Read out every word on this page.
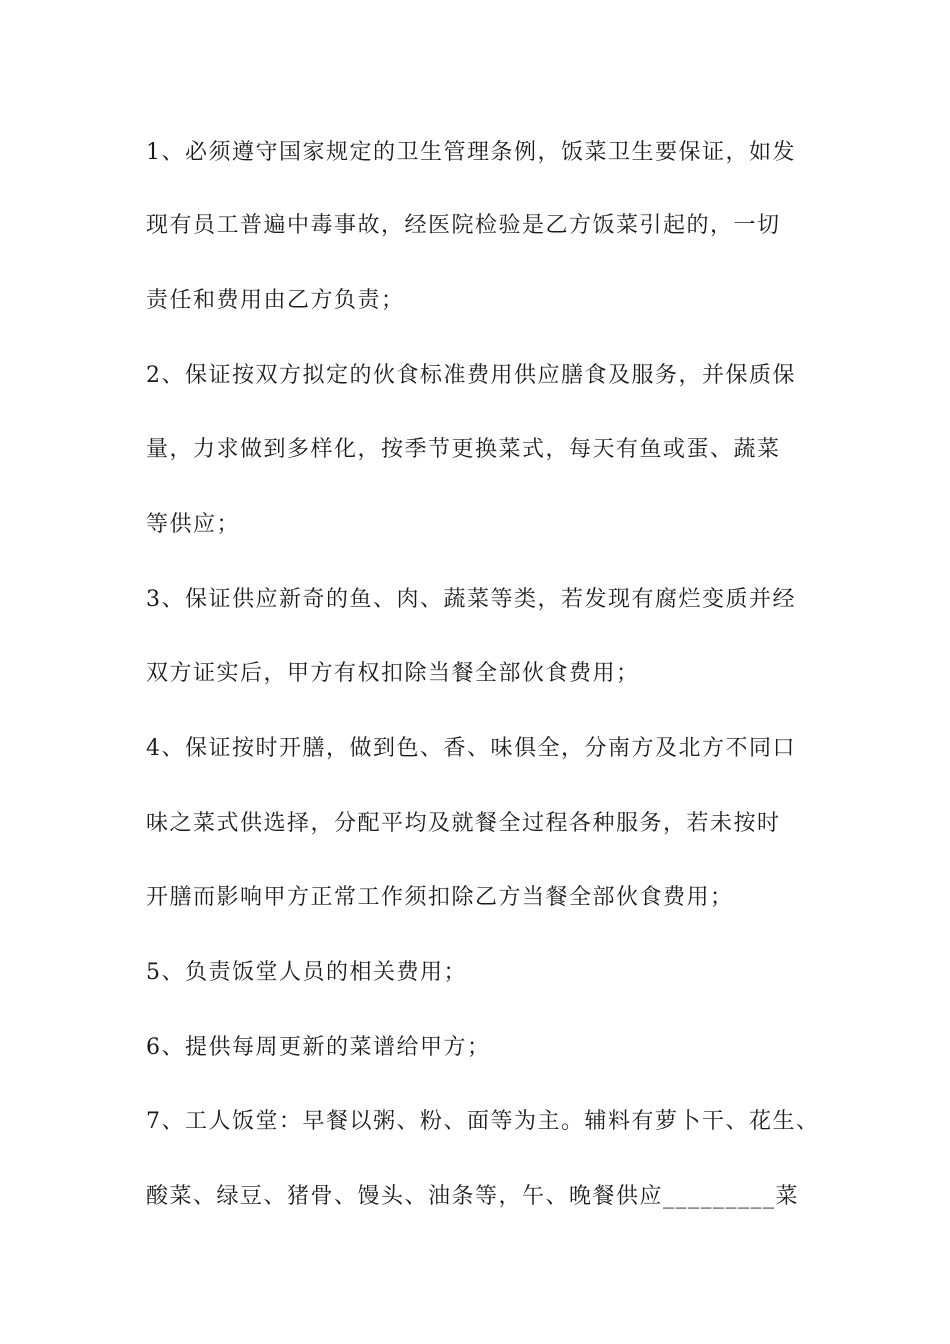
1、必须遵守国家规定的卫生管理条例，饭菜卫生要保证，如发
现有员工普遍中毒事故，经医院检验是乙方饭菜引起的，一切
责任和费用由乙方负责；
2、保证按双方拟定的伙食标准费用供应膳食及服务，并保质保
量，力求做到多样化，按季节更换菜式，每天有鱼或蛋、蔬菜
等供应；
3、保证供应新奇的鱼、肉、蔬菜等类，若发现有腐烂变质并经
双方证实后，甲方有权扣除当餐全部伙食费用；
4、保证按时开膳，做到色、香、味俱全，分南方及北方不同口
味之菜式供选择，分配平均及就餐全过程各种服务，若未按时
开膳而影响甲方正常工作须扣除乙方当餐全部伙食费用；
5、负责饭堂人员的相关费用；
6、提供每周更新的菜谱给甲方；
7、工人饭堂：早餐以粥、粉、面等为主。辅料有萝卜干、花生、
酸菜、绿豆、猪骨、馒头、油条等，午、晚餐供应_________菜
